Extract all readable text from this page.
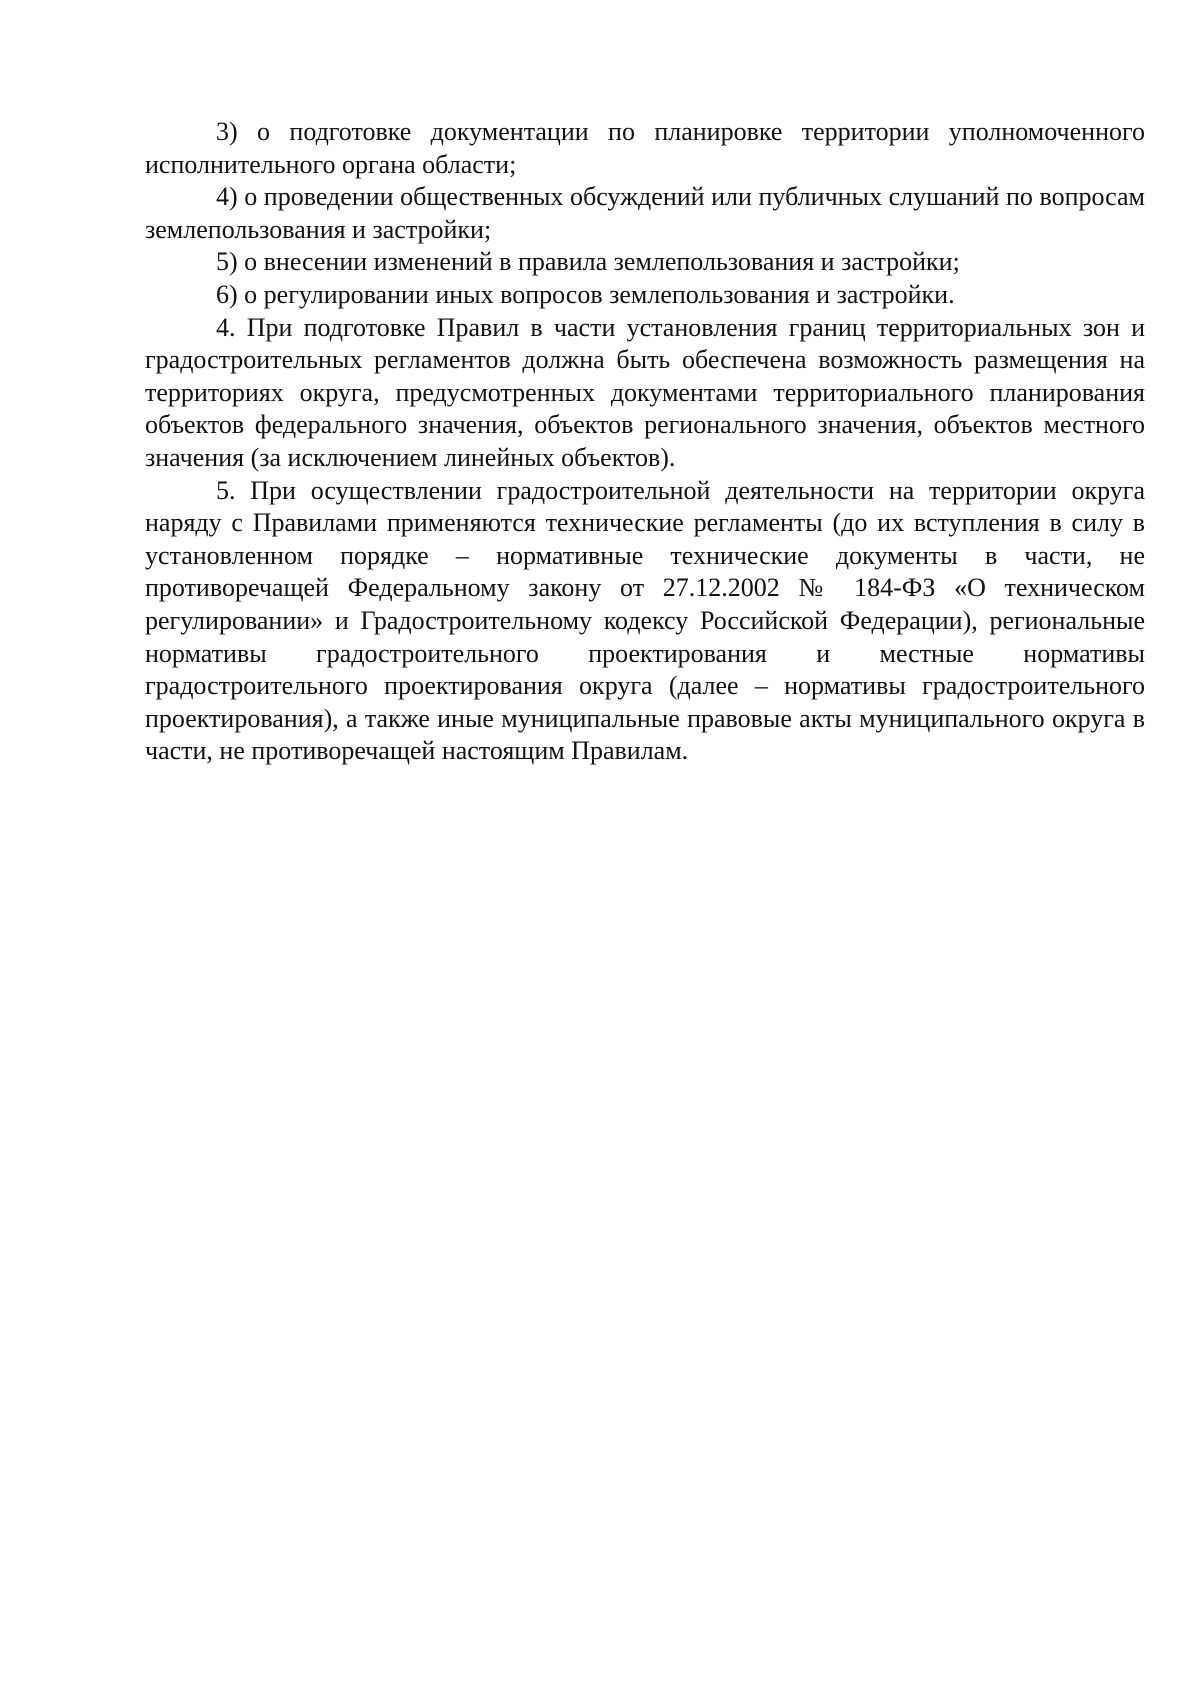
3) о подготовке документации по планировке территории уполномоченного исполнительного органа области;

4) о проведении общественных обсуждений или публичных слушаний по вопросам землепользования и застройки;

5) о внесении изменений в правила землепользования и застройки;

6) о регулировании иных вопросов землепользования и застройки.

4. При подготовке Правил в части установления границ территориальных зон и градостроительных регламентов должна быть обеспечена возможность размещения на территориях округа, предусмотренных документами территориального планирования объектов федерального значения, объектов регионального значения, объектов местного значения (за исключением линейных объектов).

5. При осуществлении градостроительной деятельности на территории округа наряду с Правилами применяются технические регламенты (до их вступления в силу в установленном порядке – нормативные технические документы в части, не противоречащей Федеральному закону от 27.12.2002 № 184-ФЗ «О техническом регулировании» и Градостроительному кодексу Российской Федерации), региональные нормативы градостроительного проектирования и местные нормативы градостроительного проектирования округа (далее – нормативы градостроительного проектирования), а также иные муниципальные правовые акты муниципального округа в части, не противоречащей настоящим Правилам.
